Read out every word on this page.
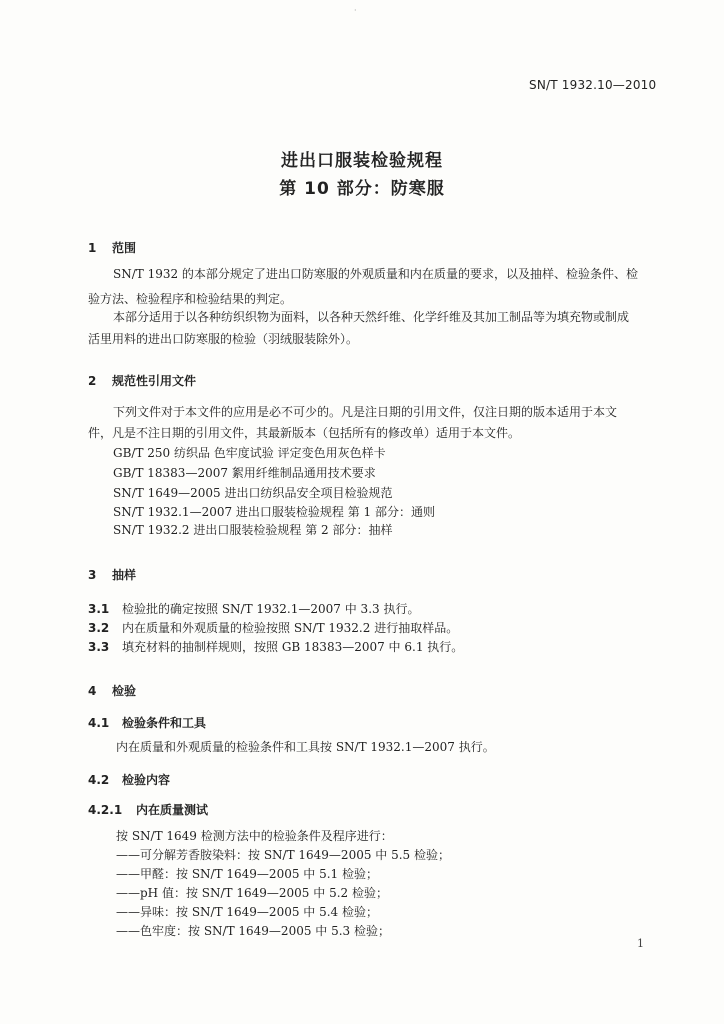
·
SN/T 1932.10—2010
进出口服装检验规程
第 10 部分：防寒服
1 范围
SN/T 1932 的本部分规定了进出口防寒服的外观质量和内在质量的要求，以及抽样、检验条件、检
验方法、检验程序和检验结果的判定。
本部分适用于以各种纺织织物为面料，以各种天然纤维、化学纤维及其加工制品等为填充物或制成
活里用料的进出口防寒服的检验（羽绒服装除外）。
2 规范性引用文件
下列文件对于本文件的应用是必不可少的。凡是注日期的引用文件，仅注日期的版本适用于本文
件，凡是不注日期的引用文件，其最新版本（包括所有的修改单）适用于本文件。
GB/T 250 纺织品 色牢度试验 评定变色用灰色样卡
GB/T 18383—2007 絮用纤维制品通用技术要求
SN/T 1649—2005 进出口纺织品安全项目检验规范
SN/T 1932.1—2007 进出口服装检验规程 第 1 部分：通则
SN/T 1932.2 进出口服装检验规程 第 2 部分：抽样
3 抽样
3.1 检验批的确定按照 SN/T 1932.1—2007 中 3.3 执行。
3.2 内在质量和外观质量的检验按照 SN/T 1932.2 进行抽取样品。
3.3 填充材料的抽制样规则，按照 GB 18383—2007 中 6.1 执行。
4 检验
4.1 检验条件和工具
内在质量和外观质量的检验条件和工具按 SN/T 1932.1—2007 执行。
4.2 检验内容
4.2.1 内在质量测试
按 SN/T 1649 检测方法中的检验条件及程序进行：
——可分解芳香胺染料：按 SN/T 1649—2005 中 5.5 检验；
——甲醛：按 SN/T 1649—2005 中 5.1 检验；
——pH 值：按 SN/T 1649—2005 中 5.2 检验；
——异味：按 SN/T 1649—2005 中 5.4 检验；
——色牢度：按 SN/T 1649—2005 中 5.3 检验；
1
